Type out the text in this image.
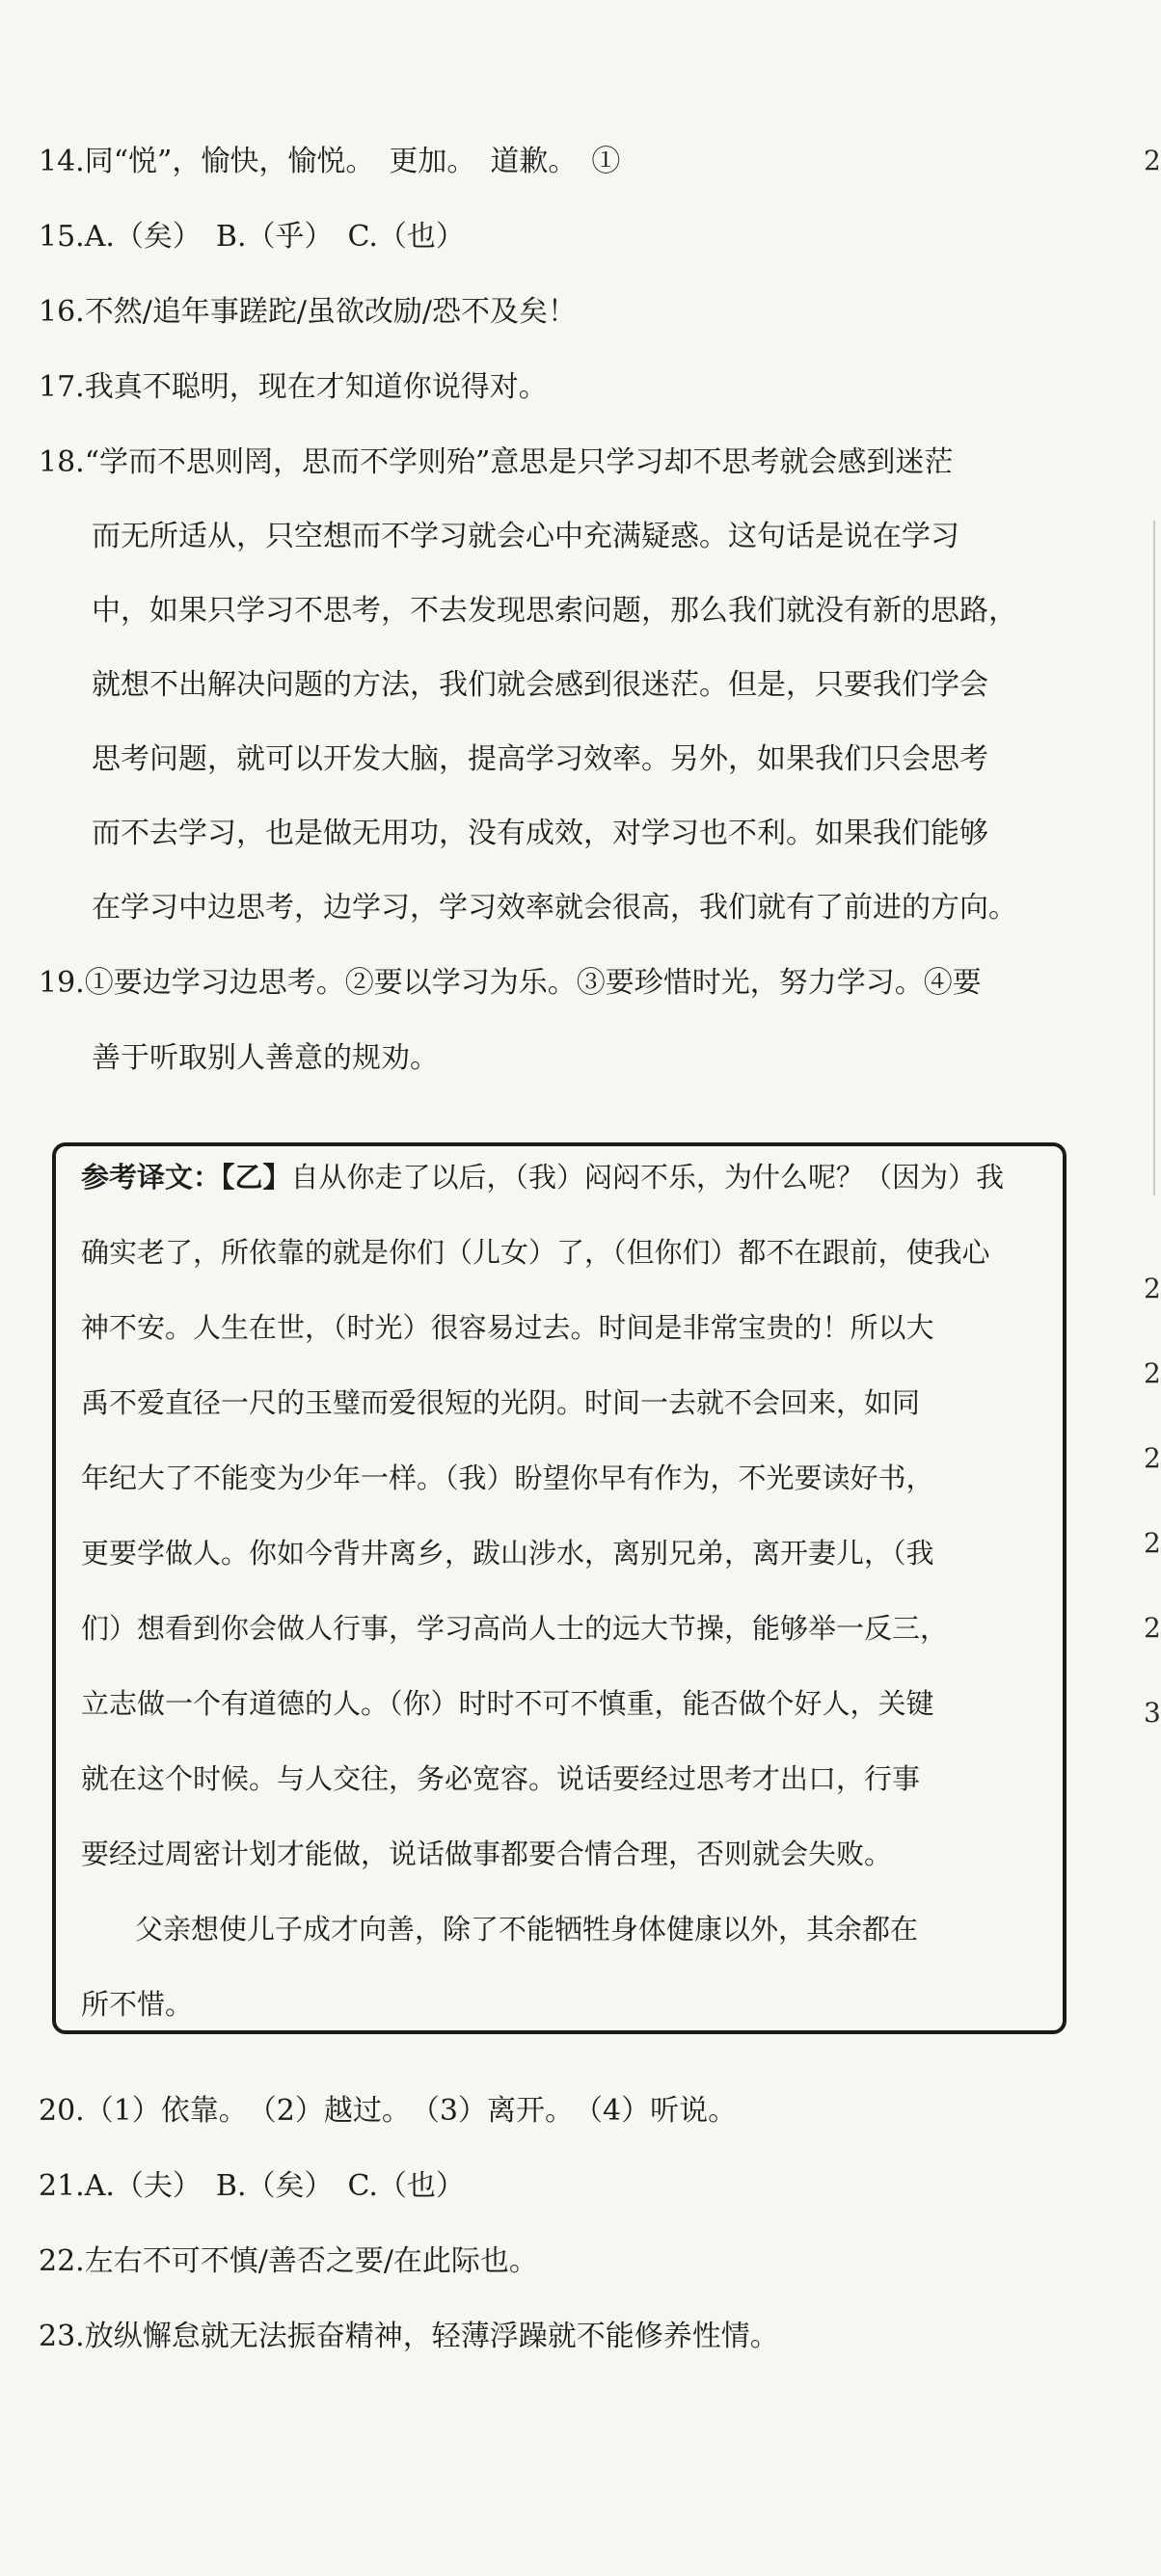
14.同“悦”，愉快，愉悦。　更加。　道歉。　①

15.A.（矣）　B.（乎）　C.（也）

16.不然/追年事蹉跎/虽欲改励/恐不及矣！

17.我真不聪明，现在才知道你说得对。

18.“学而不思则罔，思而不学则殆”意思是只学习却不思考就会感到迷茫

而无所适从，只空想而不学习就会心中充满疑惑。这句话是说在学习

中，如果只学习不思考，不去发现思索问题，那么我们就没有新的思路，

就想不出解决问题的方法，我们就会感到很迷茫。但是，只要我们学会

思考问题，就可以开发大脑，提高学习效率。另外，如果我们只会思考

而不去学习，也是做无用功，没有成效，对学习也不利。如果我们能够

在学习中边思考，边学习，学习效率就会很高，我们就有了前进的方向。

19.①要边学习边思考。②要以学习为乐。③要珍惜时光，努力学习。④要

善于听取别人善意的规劝。

参考译文：【乙】自从你走了以后，（我）闷闷不乐，为什么呢？（因为）我

确实老了，所依靠的就是你们（儿女）了，（但你们）都不在跟前，使我心

神不安。人生在世，（时光）很容易过去。时间是非常宝贵的！所以大

禹不爱直径一尺的玉璧而爱很短的光阴。时间一去就不会回来，如同

年纪大了不能变为少年一样。（我）盼望你早有作为，不光要读好书，

更要学做人。你如今背井离乡，跋山涉水，离别兄弟，离开妻儿，（我

们）想看到你会做人行事，学习高尚人士的远大节操，能够举一反三，

立志做一个有道德的人。（你）时时不可不慎重，能否做个好人，关键

就在这个时候。与人交往，务必宽容。说话要经过思考才出口，行事

要经过周密计划才能做，说话做事都要合情合理，否则就会失败。

父亲想使儿子成才向善，除了不能牺牲身体健康以外，其余都在

所不惜。

20.（1）依靠。　（2）越过。　（3）离开。　（4）听说。

21.A.（夫）　B.（矣）　C.（也）

22.左右不可不慎/善否之要/在此际也。

23.放纵懈怠就无法振奋精神，轻薄浮躁就不能修养性情。

2
2
2
2
2
2
3
